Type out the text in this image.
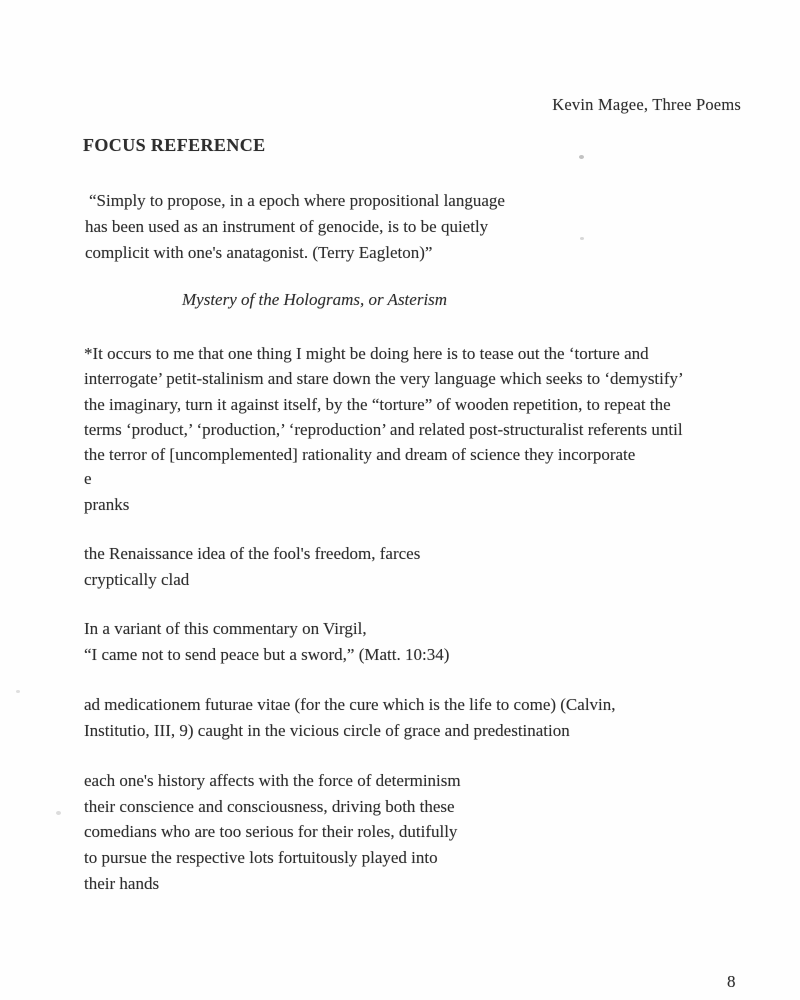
Kevin Magee, Three Poems
FOCUS REFERENCE
“Simply to propose, in a epoch where propositional language
has been used as an instrument of genocide, is to be quietly
complicit with one's anatagonist. (Terry Eagleton)”
Mystery of the Holograms, or Asterism
*It occurs to me that one thing I might be doing here is to tease out the ‘torture and
interrogate’ petit-stalinism and stare down the very language which seeks to ‘demystify’
the imaginary, turn it against itself, by the “torture” of wooden repetition, to repeat the
terms ‘product,’ ‘production,’ ‘reproduction’ and related post-structuralist referents until
the terror of [uncomplemented] rationality and dream of science they incorporate
e
pranks
the Renaissance idea of the fool's freedom, farces
cryptically clad
In a variant of this commentary on Virgil,
“I came not to send peace but a sword,” (Matt. 10:34)
ad medicationem futurae vitae (for the cure which is the life to come) (Calvin,
Institutio, III, 9) caught in the vicious circle of grace and predestination
each one's history affects with the force of determinism
their conscience and consciousness, driving both these
comedians who are too serious for their roles, dutifully
to pursue the respective lots fortuitously played into
their hands
8
